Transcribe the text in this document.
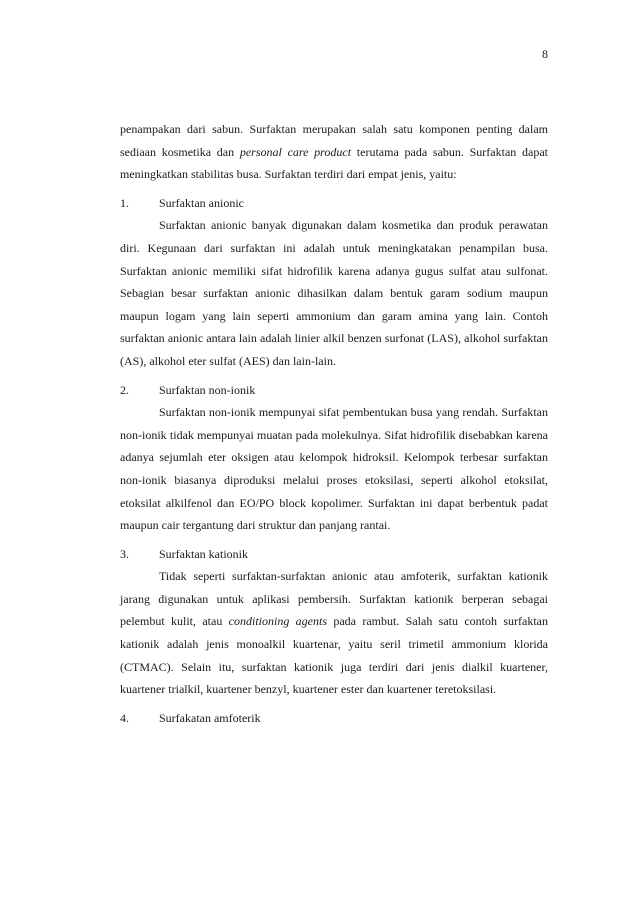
8

penampakan dari sabun. Surfaktan merupakan salah satu komponen penting dalam sediaan kosmetika dan personal care product terutama pada sabun. Surfaktan dapat meningkatkan stabilitas busa. Surfaktan terdiri dari empat jenis, yaitu:

1.	Surfaktan anionic

Surfaktan anionic banyak digunakan dalam kosmetika dan produk perawatan diri. Kegunaan dari surfaktan ini adalah untuk meningkatakan penampilan busa. Surfaktan anionic memiliki sifat hidrofilik karena adanya gugus sulfat atau sulfonat. Sebagian besar surfaktan anionic dihasilkan dalam bentuk garam sodium maupun maupun logam yang lain seperti ammonium dan garam amina yang lain. Contoh surfaktan anionic antara lain adalah linier alkil benzen surfonat (LAS), alkohol surfaktan (AS), alkohol eter sulfat (AES) dan lain-lain.

2.	Surfaktan non-ionik

Surfaktan non-ionik mempunyai sifat pembentukan busa yang rendah. Surfaktan non-ionik tidak mempunyai muatan pada molekulnya. Sifat hidrofilik disebabkan karena adanya sejumlah eter oksigen atau kelompok hidroksil. Kelompok terbesar surfaktan non-ionik biasanya diproduksi melalui proses etoksilasi, seperti alkohol etoksilat, etoksilat alkilfenol dan EO/PO block kopolimer. Surfaktan ini dapat berbentuk padat maupun cair tergantung dari struktur dan panjang rantai.

3.	Surfaktan kationik

Tidak seperti surfaktan-surfaktan anionic atau amfoterik, surfaktan kationik jarang digunakan untuk aplikasi pembersih. Surfaktan kationik berperan sebagai pelembut kulit, atau conditioning agents pada rambut. Salah satu contoh surfaktan kationik adalah jenis monoalkil kuartenar, yaitu seril trimetil ammonium klorida (CTMAC). Selain itu, surfaktan kationik juga terdiri dari jenis dialkil kuartener, kuartener trialkil, kuartener benzyl, kuartener ester dan kuartener teretoksilasi.

4.	Surfakatan amfoterik
